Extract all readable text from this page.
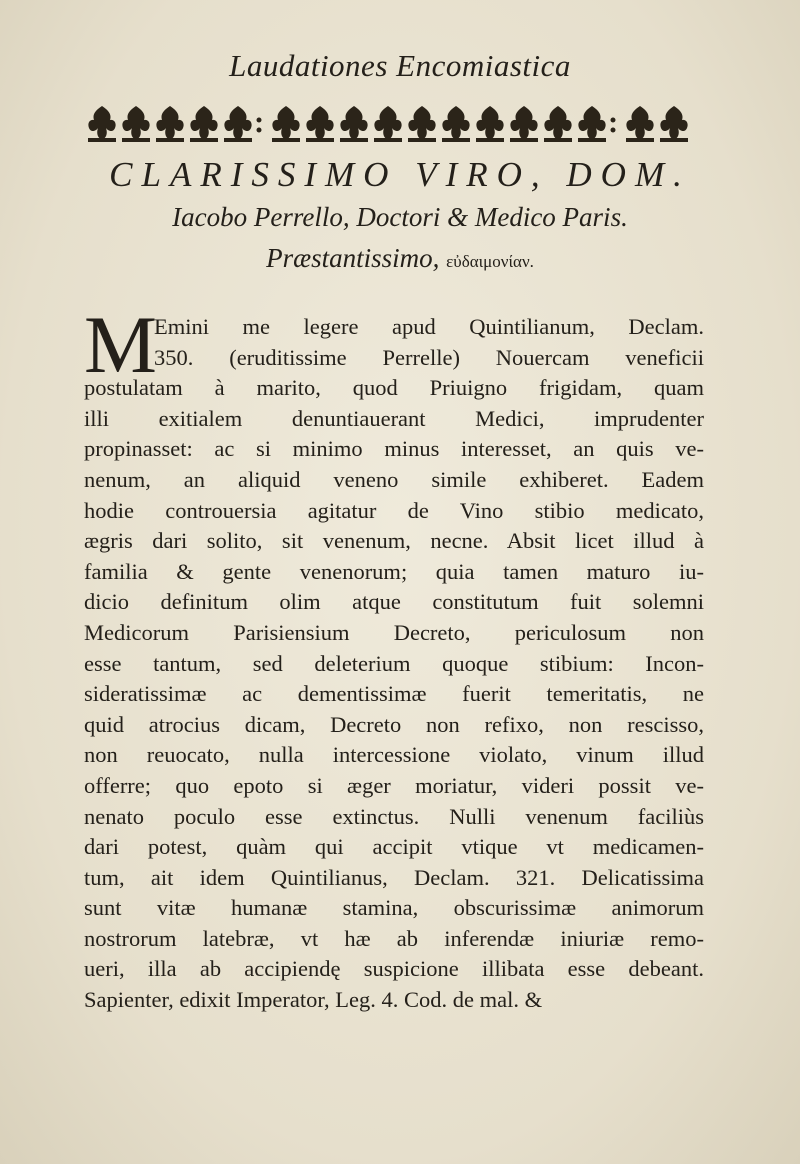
Laudationes Encomiastica
CLARISSIMO VIRO, DOM.
Iacobo Perrello, Doctori & Medico Paris.
Præstantissimo, εὐδαιμονίαν.
M
Emini me legere apud Quintilianum, Declam.
350. (eruditissime Perrelle) Nouercam veneficii
postulatam à marito, quod Priuigno frigidam, quam
illi exitialem denuntiauerant Medici, imprudenter
propinasset: ac si minimo minus interesset, an quis ve-
nenum, an aliquid veneno simile exhiberet. Eadem
hodie controuersia agitatur de Vino stibio medicato,
ægris dari solito, sit venenum, necne. Absit licet illud à
familia & gente venenorum; quia tamen maturo iu-
dicio definitum olim atque constitutum fuit solemni
Medicorum Parisiensium Decreto, periculosum non
esse tantum, sed deleterium quoque stibium: Incon-
sideratissimæ ac dementissimæ fuerit temeritatis, ne
quid atrocius dicam, Decreto non refixo, non rescisso,
non reuocato, nulla intercessione violato, vinum illud
offerre; quo epoto si æger moriatur, videri possit ve-
nenato poculo esse extinctus. Nulli venenum faciliùs
dari potest, quàm qui accipit vtique vt medicamen-
tum, ait idem Quintilianus, Declam. 321. Delicatissima
sunt vitæ humanæ stamina, obscurissimæ animorum
nostrorum latebræ, vt hæ ab inferendæ iniuriæ remo-
ueri, illa ab accipiendę suspicione illibata esse debeant.
Sapienter, edixit Imperator, Leg. 4. Cod. de mal. &
